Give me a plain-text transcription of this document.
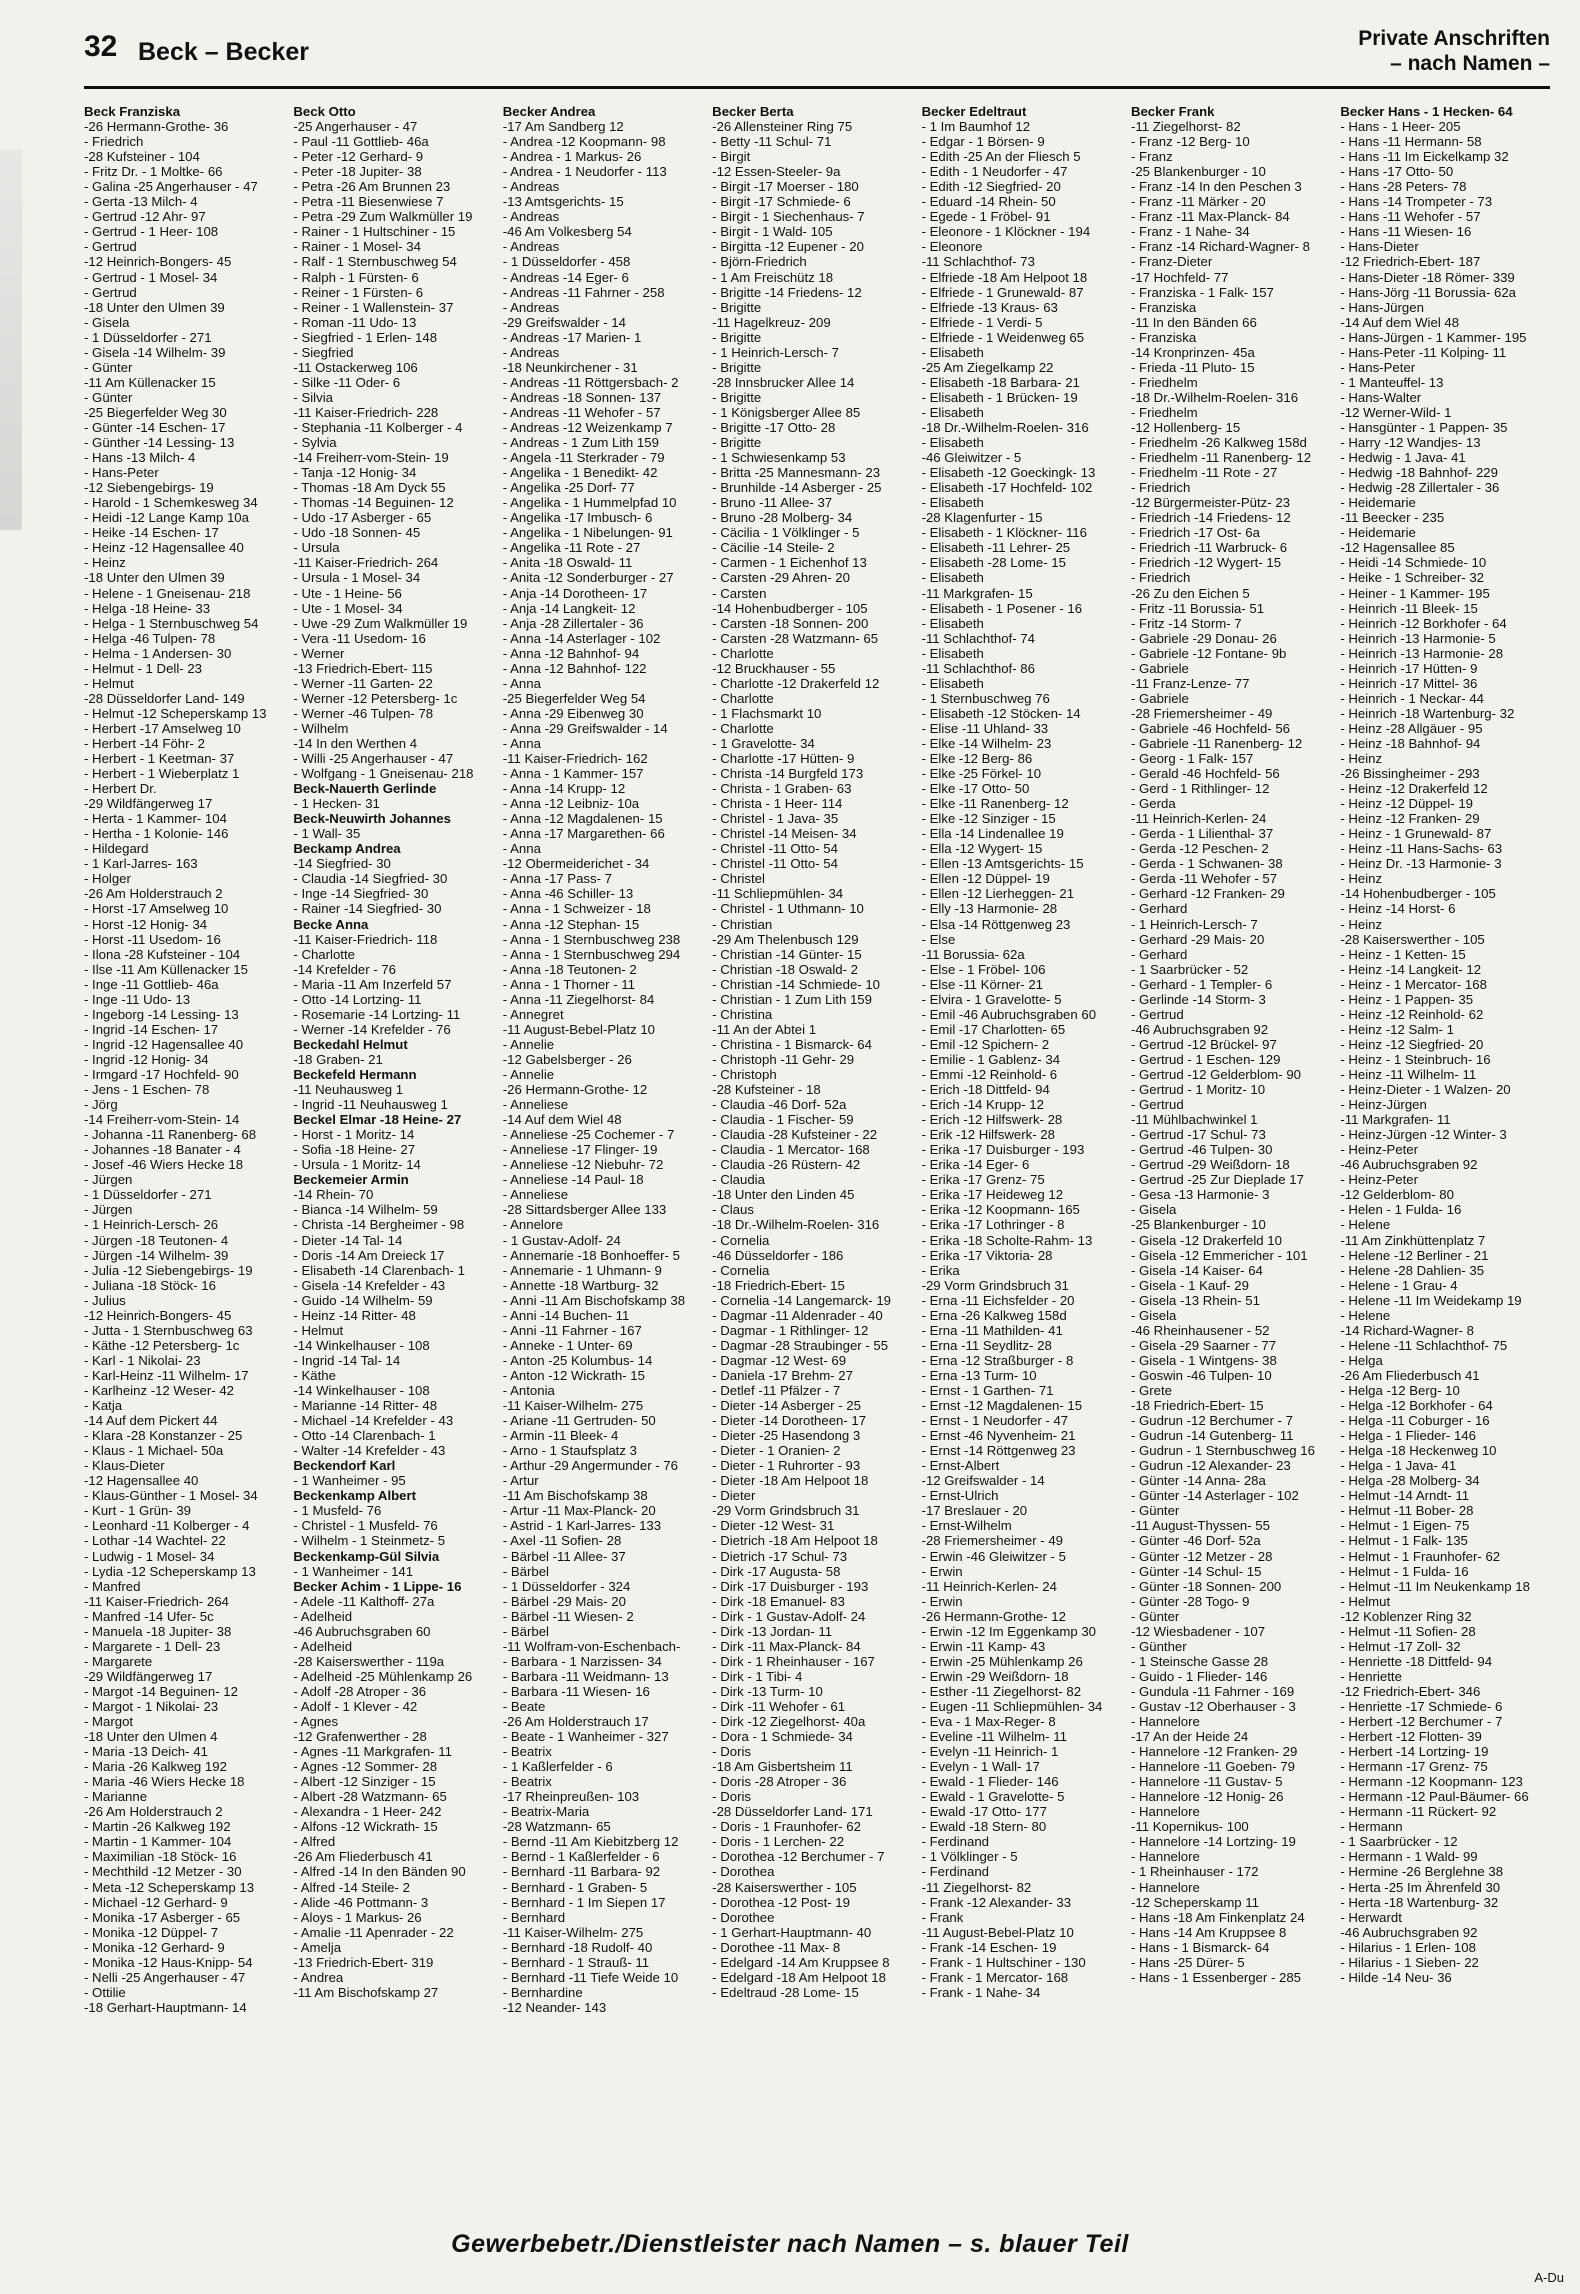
32 Beck – Becker	Private Anschriften
– nach Namen –
Beck Franziska
-26 Hermann-Grothe- 36
- Friedrich
-28 Kufsteiner - 104
- Fritz Dr. - 1 Moltke- 66
- Galina -25 Angerhauser - 47
- Gerta -13 Milch- 4
- Gertrud -12 Ahr- 97
- Gertrud - 1 Heer- 108
- Gertrud
-12 Heinrich-Bongers- 45
- Gertrud - 1 Mosel- 34
- Gertrud
-18 Unter den Ulmen 39
- Gisela
- 1 Düsseldorfer - 271
- Gisela -14 Wilhelm- 39
- Günter
-11 Am Küllenacker 15
- Günter
-25 Biegerfelder Weg 30
- Günter -14 Eschen- 17
- Günther -14 Lessing- 13
- Hans -13 Milch- 4
- Hans-Peter
-12 Siebengebirgs- 19
- Harold - 1 Schemkesweg 34
- Heidi -12 Lange Kamp 10a
- Heike -14 Eschen- 17
- Heinz -12 Hagensallee 40
- Heinz
-18 Unter den Ulmen 39
- Helene - 1 Gneisenau- 218
- Helga -18 Heine- 33
- Helga - 1 Sternbuschweg 54
- Helga -46 Tulpen- 78
- Helma - 1 Andersen- 30
- Helmut - 1 Dell- 23
- Helmut
-28 Düsseldorfer Land- 149
- Helmut -12 Scheperskamp 13
- Herbert -17 Amselweg 10
- Herbert -14 Föhr- 2
- Herbert - 1 Keetman- 37
- Herbert - 1 Wieberplatz 1
- Herbert Dr.
-29 Wildfängerweg 17
- Herta - 1 Kammer- 104
- Hertha - 1 Kolonie- 146
- Hildegard
- 1 Karl-Jarres- 163
- Holger
-26 Am Holderstrauch 2
- Horst -17 Amselweg 10
- Horst -12 Honig- 34
- Horst -11 Usedom- 16
- Ilona -28 Kufsteiner - 104
- Ilse -11 Am Küllenacker 15
- Inge -11 Gottlieb- 46a
- Inge -11 Udo- 13
- Ingeborg -14 Lessing- 13
- Ingrid -14 Eschen- 17
- Ingrid -12 Hagensallee 40
- Ingrid -12 Honig- 34
- Irmgard -17 Hochfeld- 90
- Jens - 1 Eschen- 78
- Jörg
-14 Freiherr-vom-Stein- 14
- Johanna -11 Ranenberg- 68
- Johannes -18 Banater - 4
- Josef -46 Wiers Hecke 18
- Jürgen
- 1 Düsseldorfer - 271
- Jürgen
- 1 Heinrich-Lersch- 26
- Jürgen -18 Teutonen- 4
- Jürgen -14 Wilhelm- 39
- Julia -12 Siebengebirgs- 19
- Juliana -18 Stöck- 16
- Julius
-12 Heinrich-Bongers- 45
- Jutta - 1 Sternbuschweg 63
- Käthe -12 Petersberg- 1c
- Karl - 1 Nikolai- 23
- Karl-Heinz -11 Wilhelm- 17
- Karlheinz -12 Weser- 42
- Katja
-14 Auf dem Pickert 44
- Klara -28 Konstanzer - 25
- Klaus - 1 Michael- 50a
- Klaus-Dieter
-12 Hagensallee 40
- Klaus-Günther - 1 Mosel- 34
- Kurt - 1 Grün- 39
- Leonhard -11 Kolberger - 4
- Lothar -14 Wachtel- 22
- Ludwig - 1 Mosel- 34
- Lydia -12 Scheperskamp 13
- Manfred
-11 Kaiser-Friedrich- 264
- Manfred -14 Ufer- 5c
- Manuela -18 Jupiter- 38
- Margarete - 1 Dell- 23
- Margarete
-29 Wildfängerweg 17
- Margot -14 Beguinen- 12
- Margot - 1 Nikolai- 23
- Margot
-18 Unter den Ulmen 4
- Maria -13 Deich- 41
- Maria -26 Kalkweg 192
- Maria -46 Wiers Hecke 18
- Marianne
-26 Am Holderstrauch 2
- Martin -26 Kalkweg 192
- Martin - 1 Kammer- 104
- Maximilian -18 Stöck- 16
- Mechthild -12 Metzer - 30
- Meta -12 Scheperskamp 13
- Michael -12 Gerhard- 9
- Monika -17 Asberger - 65
- Monika -12 Düppel- 7
- Monika -12 Gerhard- 9
- Monika -12 Haus-Knipp- 54
- Nelli -25 Angerhauser - 47
- Ottilie
-18 Gerhart-Hauptmann- 14
Beck Otto
-25 Angerhauser - 47
- Paul -11 Gottlieb- 46a
- Peter -12 Gerhard- 9
- Peter -18 Jupiter- 38
- Petra -26 Am Brunnen 23
- Petra -11 Biesenwiese 7
- Petra -29 Zum Walkmüller 19
- Rainer - 1 Hultschiner - 15
- Rainer - 1 Mosel- 34
- Ralf - 1 Sternbuschweg 54
- Ralph - 1 Fürsten- 6
- Reiner - 1 Fürsten- 6
- Reiner - 1 Wallenstein- 37
- Roman -11 Udo- 13
- Siegfried - 1 Erlen- 148
- Siegfried
-11 Ostackerweg 106
- Silke -11 Oder- 6
- Silvia
-11 Kaiser-Friedrich- 228
- Stephania -11 Kolberger - 4
- Sylvia
-14 Freiherr-vom-Stein- 19
- Tanja -12 Honig- 34
- Thomas -18 Am Dyck 55
- Thomas -14 Beguinen- 12
- Udo -17 Asberger - 65
- Udo -18 Sonnen- 45
- Ursula
-11 Kaiser-Friedrich- 264
- Ursula - 1 Mosel- 34
- Ute - 1 Heine- 56
- Ute - 1 Mosel- 34
- Uwe -29 Zum Walkmüller 19
- Vera -11 Usedom- 16
- Werner
-13 Friedrich-Ebert- 115
- Werner -11 Garten- 22
- Werner -12 Petersberg- 1c
- Werner -46 Tulpen- 78
- Wilhelm
-14 In den Werthen 4
- Willi -25 Angerhauser - 47
- Wolfgang - 1 Gneisenau- 218
Beck-Nauerth Gerlinde
- 1 Hecken- 31
Beck-Neuwirth Johannes
- 1 Wall- 35
Beckamp Andrea
-14 Siegfried- 30
- Claudia -14 Siegfried- 30
- Inge -14 Siegfried- 30
- Rainer -14 Siegfried- 30
Becke Anna
-11 Kaiser-Friedrich- 118
- Charlotte
-14 Krefelder - 76
- Maria -11 Am Inzerfeld 57
- Otto -14 Lortzing- 11
- Rosemarie -14 Lortzing- 11
- Werner -14 Krefelder - 76
Beckedahl Helmut
-18 Graben- 21
Beckefeld Hermann
-11 Neuhausweg 1
- Ingrid -11 Neuhausweg 1
Beckel Elmar -18 Heine- 27
- Horst - 1 Moritz- 14
- Sofia -18 Heine- 27
- Ursula - 1 Moritz- 14
Beckemeier Armin
-14 Rhein- 70
- Bianca -14 Wilhelm- 59
- Christa -14 Bergheimer - 98
- Dieter -14 Tal- 14
- Doris -14 Am Dreieck 17
- Elisabeth -14 Clarenbach- 1
- Gisela -14 Krefelder - 43
- Guido -14 Wilhelm- 59
- Heinz -14 Ritter- 48
- Helmut
-14 Winkelhauser - 108
- Ingrid -14 Tal- 14
- Käthe
-14 Winkelhauser - 108
- Marianne -14 Ritter- 48
- Michael -14 Krefelder - 43
- Otto -14 Clarenbach- 1
- Walter -14 Krefelder - 43
Beckendorf Karl
- 1 Wanheimer - 95
Beckenkamp Albert
- 1 Musfeld- 76
- Christel - 1 Musfeld- 76
- Wilhelm - 1 Steinmetz- 5
Beckenkamp-Gül Silvia
- 1 Wanheimer - 141
Becker Achim - 1 Lippe- 16
- Adele -11 Kalthoff- 27a
- Adelheid
-46 Aubruchsgraben 60
- Adelheid
-28 Kaiserswerther - 119a
- Adelheid -25 Mühlenkamp 26
- Adolf -28 Atroper - 36
- Adolf - 1 Klever - 42
- Agnes
-12 Grafenwerther - 28
- Agnes -11 Markgrafen- 11
- Agnes -12 Sommer- 28
- Albert -12 Sinziger - 15
- Albert -28 Watzmann- 65
- Alexandra - 1 Heer- 242
- Alfons -12 Wickrath- 15
- Alfred
-26 Am Fliederbusch 41
- Alfred -14 In den Bänden 90
- Alfred -14 Steile- 2
- Alide -46 Pottmann- 3
- Aloys - 1 Markus- 26
- Amalie -11 Apenrader - 22
- Amelja
-13 Friedrich-Ebert- 319
- Andrea
-11 Am Bischofskamp 27
Becker Andrea
-17 Am Sandberg 12
- Andrea -12 Koopmann- 98
- Andrea - 1 Markus- 26
- Andrea - 1 Neudorfer - 113
- Andreas
-13 Amtsgerichts- 15
- Andreas
-46 Am Volkesberg 54
- Andreas
- 1 Düsseldorfer - 458
- Andreas -14 Eger- 6
- Andreas -11 Fahrner - 258
- Andreas
-29 Greifswalder - 14
- Andreas -17 Marien- 1
- Andreas
-18 Neunkirchener - 31
- Andreas -11 Röttgersbach- 2
- Andreas -18 Sonnen- 137
- Andreas -11 Wehofer - 57
- Andreas -12 Weizenkamp 7
- Andreas - 1 Zum Lith 159
- Angela -11 Sterkrader - 79
- Angelika - 1 Benedikt- 42
- Angelika -25 Dorf- 77
- Angelika - 1 Hummelpfad 10
- Angelika -17 Imbusch- 6
- Angelika - 1 Nibelungen- 91
- Angelika -11 Rote - 27
- Anita -18 Oswald- 11
- Anita -12 Sonderburger - 27
- Anja -14 Dorotheen- 17
- Anja -14 Langkeit- 12
- Anja -28 Zillertaler - 36
- Anna -14 Asterlager - 102
- Anna -12 Bahnhof- 94
- Anna -12 Bahnhof- 122
- Anna
-25 Biegerfelder Weg 54
- Anna -29 Eibenweg 30
- Anna -29 Greifswalder - 14
- Anna
-11 Kaiser-Friedrich- 162
- Anna - 1 Kammer- 157
- Anna -14 Krupp- 12
- Anna -12 Leibniz- 10a
- Anna -12 Magdalenen- 15
- Anna -17 Margarethen- 66
- Anna
-12 Obermeiderichet - 34
- Anna -17 Pass- 7
- Anna -46 Schiller- 13
- Anna - 1 Schweizer - 18
- Anna -12 Stephan- 15
- Anna - 1 Sternbuschweg 238
- Anna - 1 Sternbuschweg 294
- Anna -18 Teutonen- 2
- Anna - 1 Thorner - 11
- Anna -11 Ziegelhorst- 84
- Annegret
-11 August-Bebel-Platz 10
- Annelie
-12 Gabelsberger - 26
- Annelie
-26 Hermann-Grothe- 12
- Anneliese
-14 Auf dem Wiel 48
- Anneliese -25 Cochemer - 7
- Anneliese -17 Flinger- 19
- Anneliese -12 Niebuhr- 72
- Anneliese -14 Paul- 18
- Anneliese
-28 Sittardsberger Allee 133
- Annelore
- 1 Gustav-Adolf- 24
- Annemarie -18 Bonhoeffer- 5
- Annemarie - 1 Uhmann- 9
- Annette -18 Wartburg- 32
- Anni -11 Am Bischofskamp 38
- Anni -14 Buchen- 11
- Anni -11 Fahrner - 167
- Anneke - 1 Unter- 69
- Anton -25 Kolumbus- 14
- Anton -12 Wickrath- 15
- Antonia
-11 Kaiser-Wilhelm- 275
- Ariane -11 Gertruden- 50
- Armin -11 Bleek- 4
- Arno - 1 Staufsplatz 3
- Arthur -29 Angermunder - 76
- Artur
-11 Am Bischofskamp 38
- Artur -11 Max-Planck- 20
- Astrid - 1 Karl-Jarres- 133
- Axel -11 Sofien- 28
- Bärbel -11 Allee- 37
- Bärbel
- 1 Düsseldorfer - 324
- Bärbel -29 Mais- 20
- Bärbel -11 Wiesen- 2
- Bärbel
-11 Wolfram-von-Eschenbach-
- Barbara - 1 Narzissen- 34
- Barbara -11 Weidmann- 13
- Barbara -11 Wiesen- 16
- Beate
-26 Am Holderstrauch 17
- Beate - 1 Wanheimer - 327
- Beatrix
- 1 Kaßlerfelder - 6
- Beatrix
-17 Rheinpreußen- 103
- Beatrix-Maria
-28 Watzmann- 65
- Bernd -11 Am Kiebitzberg 12
- Bernd - 1 Kaßlerfelder - 6
- Bernhard -11 Barbara- 92
- Bernhard - 1 Graben- 5
- Bernhard - 1 Im Siepen 17
- Bernhard
-11 Kaiser-Wilhelm- 275
- Bernhard -18 Rudolf- 40
- Bernhard - 1 Strauß- 11
- Bernhard -11 Tiefe Weide 10
- Bernhardine
-12 Neander- 143
Becker Berta
-26 Allensteiner Ring 75
- Betty -11 Schul- 71
- Birgit
-12 Essen-Steeler- 9a
- Birgit -17 Moerser - 180
- Birgit -17 Schmiede- 6
- Birgit - 1 Siechenhaus- 7
- Birgit - 1 Wald- 105
- Birgitta -12 Eupener - 20
- Björn-Friedrich
- 1 Am Freischütz 18
- Brigitte -14 Friedens- 12
- Brigitte
-11 Hagelkreuz- 209
- Brigitte
- 1 Heinrich-Lersch- 7
- Brigitte
-28 Innsbrucker Allee 14
- Brigitte
- 1 Königsberger Allee 85
- Brigitte -17 Otto- 28
- Brigitte
- 1 Schwiesenkamp 53
- Britta -25 Mannesmann- 23
- Brunhilde -14 Asberger - 25
- Bruno -11 Allee- 37
- Bruno -28 Molberg- 34
- Cäcilia - 1 Völklinger - 5
- Cäcilie -14 Steile- 2
- Carmen - 1 Eichenhof 13
- Carsten -29 Ahren- 20
- Carsten
-14 Hohenbudberger - 105
- Carsten -18 Sonnen- 200
- Carsten -28 Watzmann- 65
- Charlotte
-12 Bruckhauser - 55
- Charlotte -12 Drakerfeld 12
- Charlotte
- 1 Flachsmarkt 10
- Charlotte
- 1 Gravelotte- 34
- Charlotte -17 Hütten- 9
- Christa -14 Burgfeld 173
- Christa - 1 Graben- 63
- Christa - 1 Heer- 114
- Christel - 1 Java- 35
- Christel -14 Meisen- 34
- Christel -11 Otto- 54
- Christel -11 Otto- 54
- Christel
-11 Schliepmühlen- 34
- Christel - 1 Uthmann- 10
- Christian
-29 Am Thelenbusch 129
- Christian -14 Günter- 15
- Christian -18 Oswald- 2
- Christian -14 Schmiede- 10
- Christian - 1 Zum Lith 159
- Christina
-11 An der Abtei 1
- Christina - 1 Bismarck- 64
- Christoph -11 Gehr- 29
- Christoph
-28 Kufsteiner - 18
- Claudia -46 Dorf- 52a
- Claudia - 1 Fischer- 59
- Claudia -28 Kufsteiner - 22
- Claudia - 1 Mercator- 168
- Claudia -26 Rüstern- 42
- Claudia
-18 Unter den Linden 45
- Claus
-18 Dr.-Wilhelm-Roelen- 316
- Cornelia
-46 Düsseldorfer - 186
- Cornelia
-18 Friedrich-Ebert- 15
- Cornelia -14 Langemarck- 19
- Dagmar -11 Aldenrader - 40
- Dagmar - 1 Rithlinger- 12
- Dagmar -28 Straubinger - 55
- Dagmar -12 West- 69
- Daniela -17 Brehm- 27
- Detlef -11 Pfälzer - 7
- Dieter -14 Asberger - 25
- Dieter -14 Dorotheen- 17
- Dieter -25 Hasendong 3
- Dieter - 1 Oranien- 2
- Dieter - 1 Ruhrorter - 93
- Dieter -18 Am Helpoot 18
- Dieter
-29 Vorm Grindsbruch 31
- Dieter -12 West- 31
- Dietrich -18 Am Helpoot 18
- Dietrich -17 Schul- 73
- Dirk -17 Augusta- 58
- Dirk -17 Duisburger - 193
- Dirk -18 Emanuel- 83
- Dirk - 1 Gustav-Adolf- 24
- Dirk -13 Jordan- 11
- Dirk -11 Max-Planck- 84
- Dirk - 1 Rheinhauser - 167
- Dirk - 1 Tibi- 4
- Dirk -13 Turm- 10
- Dirk -11 Wehofer - 61
- Dirk -12 Ziegelhorst- 40a
- Dora - 1 Schmiede- 34
- Doris
-18 Am Gisbertsheim 11
- Doris -28 Atroper - 36
- Doris
-28 Düsseldorfer Land- 171
- Doris - 1 Fraunhofer- 62
- Doris - 1 Lerchen- 22
- Dorothea -12 Berchumer - 7
- Dorothea
-28 Kaiserswerther - 105
- Dorothea -12 Post- 19
- Dorothee
- 1 Gerhart-Hauptmann- 40
- Dorothee -11 Max- 8
- Edelgard -14 Am Kruppsee 8
- Edelgard -18 Am Helpoot 18
- Edeltraud -28 Lome- 15
Becker Edeltraut
- 1 Im Baumhof 12
- Edgar - 1 Börsen- 9
- Edith -25 An der Fliesch 5
- Edith - 1 Neudorfer - 47
- Edith -12 Siegfried- 20
- Eduard -14 Rhein- 50
- Egede - 1 Fröbel- 91
- Eleonore - 1 Klöckner - 194
- Eleonore
-11 Schlachthof- 73
- Elfriede -18 Am Helpoot 18
- Elfriede - 1 Grunewald- 87
- Elfriede -13 Kraus- 63
- Elfriede - 1 Verdi- 5
- Elfriede - 1 Weidenweg 65
- Elisabeth
-25 Am Ziegelkamp 22
- Elisabeth -18 Barbara- 21
- Elisabeth - 1 Brücken- 19
- Elisabeth
-18 Dr.-Wilhelm-Roelen- 316
- Elisabeth
-46 Gleiwitzer - 5
- Elisabeth -12 Goeckingk- 13
- Elisabeth -17 Hochfeld- 102
- Elisabeth
-28 Klagenfurter - 15
- Elisabeth - 1 Klöckner- 116
- Elisabeth -11 Lehrer- 25
- Elisabeth -28 Lome- 15
- Elisabeth
-11 Markgrafen- 15
- Elisabeth - 1 Posener - 16
- Elisabeth
-11 Schlachthof- 74
- Elisabeth
-11 Schlachthof- 86
- Elisabeth
- 1 Sternbuschweg 76
- Elisabeth -12 Stöcken- 14
- Elise -11 Uhland- 33
- Elke -14 Wilhelm- 23
- Elke -12 Berg- 86
- Elke -25 Förkel- 10
- Elke -17 Otto- 50
- Elke -11 Ranenberg- 12
- Elke -12 Sinziger - 15
- Ella -14 Lindenallee 19
- Ella -12 Wygert- 15
- Ellen -13 Amtsgerichts- 15
- Ellen -12 Düppel- 19
- Ellen -12 Lierheggen- 21
- Elly -13 Harmonie- 28
- Elsa -14 Röttgenweg 23
- Else
-11 Borussia- 62a
- Else - 1 Fröbel- 106
- Else -11 Körner- 21
- Elvira - 1 Gravelotte- 5
- Emil -46 Aubruchsgraben 60
- Emil -17 Charlotten- 65
- Emil -12 Spichern- 2
- Emilie - 1 Gablenz- 34
- Emmi -12 Reinhold- 6
- Erich -18 Dittfeld- 94
- Erich -14 Krupp- 12
- Erich -12 Hilfswerk- 28
- Erik -12 Hilfswerk- 28
- Erika -17 Duisburger - 193
- Erika -14 Eger- 6
- Erika -17 Grenz- 75
- Erika -17 Heideweg 12
- Erika -12 Koopmann- 165
- Erika -17 Lothringer - 8
- Erika -18 Scholte-Rahm- 13
- Erika -17 Viktoria- 28
- Erika
-29 Vorm Grindsbruch 31
- Erna -11 Eichsfelder - 20
- Erna -26 Kalkweg 158d
- Erna -11 Mathilden- 41
- Erna -11 Seydlitz- 28
- Erna -12 Straßburger - 8
- Erna -13 Turm- 10
- Ernst - 1 Garthen- 71
- Ernst -12 Magdalenen- 15
- Ernst - 1 Neudorfer - 47
- Ernst -46 Nyvenheim- 21
- Ernst -14 Röttgenweg 23
- Ernst-Albert
-12 Greifswalder - 14
- Ernst-Ulrich
-17 Breslauer - 20
- Ernst-Wilhelm
-28 Friemersheimer - 49
- Erwin -46 Gleiwitzer - 5
- Erwin
-11 Heinrich-Kerlen- 24
- Erwin
-26 Hermann-Grothe- 12
- Erwin -12 Im Eggenkamp 30
- Erwin -11 Kamp- 43
- Erwin -25 Mühlenkamp 26
- Erwin -29 Weißdorn- 18
- Esther -11 Ziegelhorst- 82
- Eugen -11 Schliepmühlen- 34
- Eva - 1 Max-Reger- 8
- Eveline -11 Wilhelm- 11
- Evelyn -11 Heinrich- 1
- Evelyn - 1 Wall- 17
- Ewald - 1 Flieder- 146
- Ewald - 1 Gravelotte- 5
- Ewald -17 Otto- 177
- Ewald -18 Stern- 80
- Ferdinand
- 1 Völklinger - 5
- Ferdinand
-11 Ziegelhorst- 82
- Frank -12 Alexander- 33
- Frank
-11 August-Bebel-Platz 10
- Frank -14 Eschen- 19
- Frank - 1 Hultschiner - 130
- Frank - 1 Mercator- 168
- Frank - 1 Nahe- 34
Becker Frank
-11 Ziegelhorst- 82
- Franz -12 Berg- 10
- Franz
-25 Blankenburger - 10
- Franz -14 In den Peschen 3
- Franz -11 Märker - 20
- Franz -11 Max-Planck- 84
- Franz - 1 Nahe- 34
- Franz -14 Richard-Wagner- 8
- Franz-Dieter
-17 Hochfeld- 77
- Franziska - 1 Falk- 157
- Franziska
-11 In den Bänden 66
- Franziska
-14 Kronprinzen- 45a
- Frieda -11 Pluto- 15
- Friedhelm
-18 Dr.-Wilhelm-Roelen- 316
- Friedhelm
-12 Hollenberg- 15
- Friedhelm -26 Kalkweg 158d
- Friedhelm -11 Ranenberg- 12
- Friedhelm -11 Rote - 27
- Friedrich
-12 Bürgermeister-Pütz- 23
- Friedrich -14 Friedens- 12
- Friedrich -17 Ost- 6a
- Friedrich -11 Warbruck- 6
- Friedrich -12 Wygert- 15
- Friedrich
-26 Zu den Eichen 5
- Fritz -11 Borussia- 51
- Fritz -14 Storm- 7
- Gabriele -29 Donau- 26
- Gabriele -12 Fontane- 9b
- Gabriele
-11 Franz-Lenze- 77
- Gabriele
-28 Friemersheimer - 49
- Gabriele -46 Hochfeld- 56
- Gabriele -11 Ranenberg- 12
- Georg - 1 Falk- 157
- Gerald -46 Hochfeld- 56
- Gerd - 1 Rithlinger- 12
- Gerda
-11 Heinrich-Kerlen- 24
- Gerda - 1 Lilienthal- 37
- Gerda -12 Peschen- 2
- Gerda - 1 Schwanen- 38
- Gerda -11 Wehofer - 57
- Gerhard -12 Franken- 29
- Gerhard
- 1 Heinrich-Lersch- 7
- Gerhard -29 Mais- 20
- Gerhard
- 1 Saarbrücker - 52
- Gerhard - 1 Templer- 6
- Gerlinde -14 Storm- 3
- Gertrud
-46 Aubruchsgraben 92
- Gertrud -12 Brückel- 97
- Gertrud - 1 Eschen- 129
- Gertrud -12 Gelderblom- 90
- Gertrud - 1 Moritz- 10
- Gertrud
-11 Mühlbachwinkel 1
- Gertrud -17 Schul- 73
- Gertrud -46 Tulpen- 30
- Gertrud -29 Weißdorn- 18
- Gertrud -25 Zur Dieplade 17
- Gesa -13 Harmonie- 3
- Gisela
-25 Blankenburger - 10
- Gisela -12 Drakerfeld 10
- Gisela -12 Emmericher - 101
- Gisela -14 Kaiser- 64
- Gisela - 1 Kauf- 29
- Gisela -13 Rhein- 51
- Gisela
-46 Rheinhausener - 52
- Gisela -29 Saarner - 77
- Gisela - 1 Wintgens- 38
- Goswin -46 Tulpen- 10
- Grete
-18 Friedrich-Ebert- 15
- Gudrun -12 Berchumer - 7
- Gudrun -14 Gutenberg- 11
- Gudrun - 1 Sternbuschweg 16
- Gudrun -12 Alexander- 23
- Günter -14 Anna- 28a
- Günter -14 Asterlager - 102
- Günter
-11 August-Thyssen- 55
- Günter -46 Dorf- 52a
- Günter -12 Metzer - 28
- Günter -14 Schul- 15
- Günter -18 Sonnen- 200
- Günter -28 Togo- 9
- Günter
-12 Wiesbadener - 107
- Günther
- 1 Steinsche Gasse 28
- Guido - 1 Flieder- 146
- Gundula -11 Fahrner - 169
- Gustav -12 Oberhauser - 3
- Hannelore
-17 An der Heide 24
- Hannelore -12 Franken- 29
- Hannelore -11 Goeben- 79
- Hannelore -11 Gustav- 5
- Hannelore -12 Honig- 26
- Hannelore
-11 Kopernikus- 100
- Hannelore -14 Lortzing- 19
- Hannelore
- 1 Rheinhauser - 172
- Hannelore
-12 Scheperskamp 11
- Hans -18 Am Finkenplatz 24
- Hans -14 Am Kruppsee 8
- Hans - 1 Bismarck- 64
- Hans -25 Dürer- 5
- Hans - 1 Essenberger - 285
Becker Hans - 1 Hecken- 64
- Hans - 1 Heer- 205
- Hans -11 Hermann- 58
- Hans -11 Im Eickelkamp 32
- Hans -17 Otto- 50
- Hans -28 Peters- 78
- Hans -14 Trompeter - 73
- Hans -11 Wehofer - 57
- Hans -11 Wiesen- 16
- Hans-Dieter
-12 Friedrich-Ebert- 187
- Hans-Dieter -18 Römer- 339
- Hans-Jörg -11 Borussia- 62a
- Hans-Jürgen
-14 Auf dem Wiel 48
- Hans-Jürgen - 1 Kammer- 195
- Hans-Peter -11 Kolping- 11
- Hans-Peter
- 1 Manteuffel- 13
- Hans-Walter
-12 Werner-Wild- 1
- Hansgünter - 1 Pappen- 35
- Harry -12 Wandjes- 13
- Hedwig - 1 Java- 41
- Hedwig -18 Bahnhof- 229
- Hedwig -28 Zillertaler - 36
- Heidemarie
-11 Beecker - 235
- Heidemarie
-12 Hagensallee 85
- Heidi -14 Schmiede- 10
- Heike - 1 Schreiber- 32
- Heiner - 1 Kammer- 195
- Heinrich -11 Bleek- 15
- Heinrich -12 Borkhofer - 64
- Heinrich -13 Harmonie- 5
- Heinrich -13 Harmonie- 28
- Heinrich -17 Hütten- 9
- Heinrich -17 Mittel- 36
- Heinrich - 1 Neckar- 44
- Heinrich -18 Wartenburg- 32
- Heinz -28 Allgäuer - 95
- Heinz -18 Bahnhof- 94
- Heinz
-26 Bissingheimer - 293
- Heinz -12 Drakerfeld 12
- Heinz -12 Düppel- 19
- Heinz -12 Franken- 29
- Heinz - 1 Grunewald- 87
- Heinz -11 Hans-Sachs- 63
- Heinz Dr. -13 Harmonie- 3
- Heinz
-14 Hohenbudberger - 105
- Heinz -14 Horst- 6
- Heinz
-28 Kaiserswerther - 105
- Heinz - 1 Ketten- 15
- Heinz -14 Langkeit- 12
- Heinz - 1 Mercator- 168
- Heinz - 1 Pappen- 35
- Heinz -12 Reinhold- 62
- Heinz -12 Salm- 1
- Heinz -12 Siegfried- 20
- Heinz - 1 Steinbruch- 16
- Heinz -11 Wilhelm- 11
- Heinz-Dieter - 1 Walzen- 20
- Heinz-Jürgen
-11 Markgrafen- 11
- Heinz-Jürgen -12 Winter- 3
- Heinz-Peter
-46 Aubruchsgraben 92
- Heinz-Peter
-12 Gelderblom- 80
- Helen - 1 Fulda- 16
- Helene
-11 Am Zinkhüttenplatz 7
- Helene -12 Berliner - 21
- Helene -28 Dahlien- 35
- Helene - 1 Grau- 4
- Helene -11 Im Weidekamp 19
- Helene
-14 Richard-Wagner- 8
- Helene -11 Schlachthof- 75
- Helga
-26 Am Fliederbusch 41
- Helga -12 Berg- 10
- Helga -12 Borkhofer - 64
- Helga -11 Coburger - 16
- Helga - 1 Flieder- 146
- Helga -18 Heckenweg 10
- Helga - 1 Java- 41
- Helga -28 Molberg- 34
- Helmut -14 Arndt- 11
- Helmut -11 Bober- 28
- Helmut - 1 Eigen- 75
- Helmut - 1 Falk- 135
- Helmut - 1 Fraunhofer- 62
- Helmut - 1 Fulda- 16
- Helmut -11 Im Neukenkamp 18
- Helmut
-12 Koblenzer Ring 32
- Helmut -11 Sofien- 28
- Helmut -17 Zoll- 32
- Henriette -18 Dittfeld- 94
- Henriette
-12 Friedrich-Ebert- 346
- Henriette -17 Schmiede- 6
- Herbert -12 Berchumer - 7
- Herbert -12 Flotten- 39
- Herbert -14 Lortzing- 19
- Hermann -17 Grenz- 75
- Hermann -12 Koopmann- 123
- Hermann -12 Paul-Bäumer- 66
- Hermann -11 Rückert- 92
- Hermann
- 1 Saarbrücker - 12
- Hermann - 1 Wald- 99
- Hermine -26 Berglehne 38
- Herta -25 Im Ährenfeld 30
- Herta -18 Wartenburg- 32
- Herwardt
-46 Aubruchsgraben 92
- Hilarius - 1 Erlen- 108
- Hilarius - 1 Sieben- 22
- Hilde -14 Neu- 36
Gewerbebetr./Dienstleister nach Namen – s. blauer Teil
A-Du
